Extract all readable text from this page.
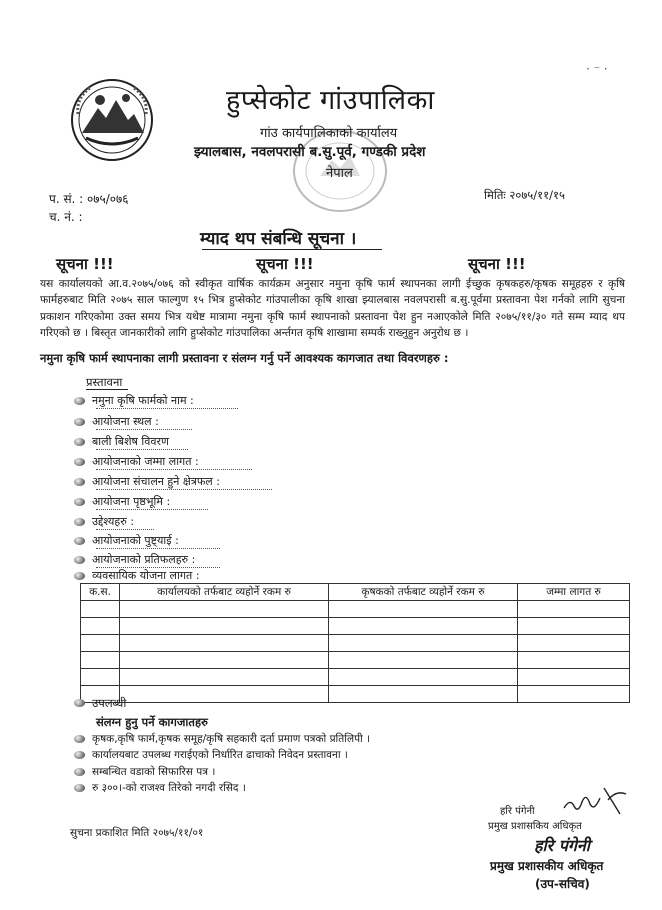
· ⁻ ·
हुप्सेकोट गांउपालिका
गांउ कार्यपालिकाको कार्यालय
झ्यालबास, नवलपरासी ब.सु.पूर्व, गण्डकी प्रदेश
नेपाल
प. सं. : ०७५/०७६
च. नं. :
मितिः २०७५/११/१५
म्याद थप संबन्धि सूचना ।
सूचना !!!	सूचना !!!	सूचना !!!
यस कार्यालयको आ.व.२०७५/०७६ को स्वीकृत वार्षिक कार्यक्रम अनुसार नमुना कृषि फार्म स्थापनका लागी ईच्छुक कृषकहरु/कृषक समूहहरु र कृषि फार्महरुबाट मिति २०७५ साल फाल्गुण १५ भित्र हुप्सेकोट गांउपालीका कृषि शाखा झ्यालबास नवलपरासी ब.सु.पूर्वमा प्रस्तावना पेश गर्नको लागि सुचना प्रकाशन गरिएकोमा उक्त समय भित्र यथेष्ट मात्रामा नमुना कृषि फार्म स्थापनाको प्रस्तावना पेश हुन नआएकोले मिति २०७५/११/३० गते सम्म म्याद थप गरिएको छ । बिस्तृत जानकारीको लागि हुप्सेकोट गांउपालिका अर्न्तगत कृषि शाखामा सम्पर्क राख्नुहुन अनुरोध छ ।
नमुना कृषि फार्म स्थापनाका लागी प्रस्तावना र संलग्न गर्नु पर्ने आवश्यक कागजात तथा विवरणहरु :
प्रस्तावना
नमुना कृषि फार्मको नाम :
आयोजना स्थल :
बाली बिशेष विवरण
आयोजनाको जम्मा लागत :
आयोजना संचालन हुने क्षेत्रफल :
आयोजना पृष्ठभूमि :
उद्देश्यहरु :
आयोजनाको पुष्ट्याई :
आयोजनाको प्रतिफलहरु :
व्यवसायिक योजना लागत :
क.स.	कार्यालयको तर्फबाट व्यहोर्ने रकम रु	कृषकको तर्फबाट व्यहोर्ने रकम रु	जम्मा लागत रु

उपलब्धी
संलग्न हुनु पर्ने कागजातहरु
कृषक,कृषि फार्म,कृषक समूह/कृषि सहकारी दर्ता प्रमाण पत्रको प्रतिलिपी ।
कार्यालयबाट उपलब्ध गराईएको निर्धारित ढाचाको निवेदन प्रस्तावना ।
सम्बन्धित वडाको सिफारिस पत्र ।
रु ३००।-को राजश्व तिरेको नगदी रसिद ।
सुचना प्रकाशित मिति २०७५/११/०१
हरि पंगेनी
प्रमुख प्रशासकिय अधिकृत
हरि पंगेनी
प्रमुख प्रशासकीय अधिकृत
(उप-सचिव)
